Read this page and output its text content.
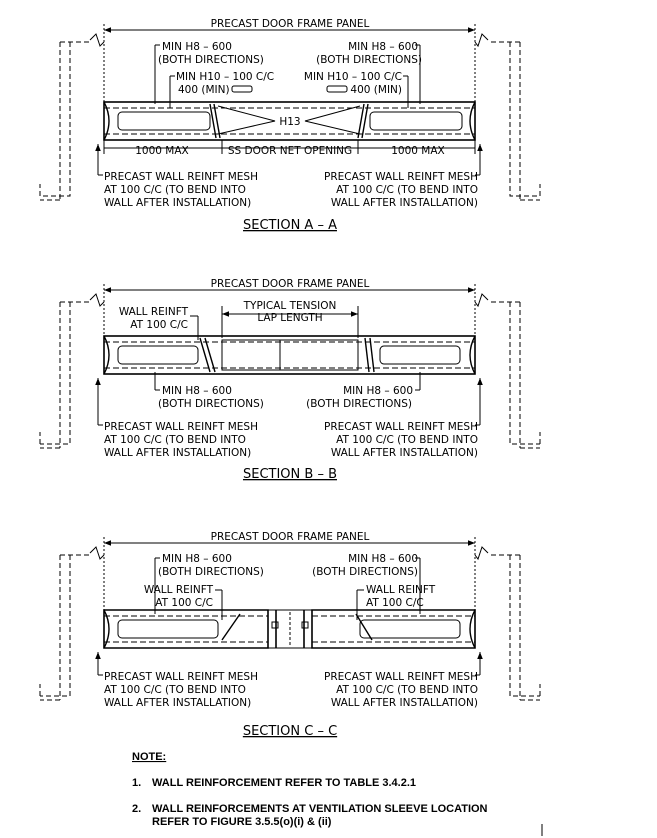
PRECAST DOOR FRAME PANEL
MIN H8 – 600
(BOTH DIRECTIONS)
MIN H8 – 600
(BOTH DIRECTIONS)
MIN H10 – 100 C/C
400 (MIN)
MIN H10 – 100 C/C
400 (MIN)
H13
1000 MAX	SS DOOR NET OPENING	1000 MAX
PRECAST WALL REINFT MESH
AT 100 C/C (TO BEND INTO
WALL AFTER INSTALLATION)
PRECAST WALL REINFT MESH
AT 100 C/C (TO BEND INTO
WALL AFTER INSTALLATION)
SECTION A – A
PRECAST DOOR FRAME PANEL
WALL REINFT
AT 100 C/C
TYPICAL TENSION
LAP LENGTH
MIN H8 – 600
(BOTH DIRECTIONS)
MIN H8 – 600
(BOTH DIRECTIONS)
PRECAST WALL REINFT MESH
AT 100 C/C (TO BEND INTO
WALL AFTER INSTALLATION)
PRECAST WALL REINFT MESH
AT 100 C/C (TO BEND INTO
WALL AFTER INSTALLATION)
SECTION B – B
PRECAST DOOR FRAME PANEL
MIN H8 – 600
(BOTH DIRECTIONS)
MIN H8 – 600
(BOTH DIRECTIONS)
WALL REINFT
AT 100 C/C
WALL REINFT
AT 100 C/C
PRECAST WALL REINFT MESH
AT 100 C/C (TO BEND INTO
WALL AFTER INSTALLATION)
PRECAST WALL REINFT MESH
AT 100 C/C (TO BEND INTO
WALL AFTER INSTALLATION)
SECTION C – C
NOTE:
1. WALL REINFORCEMENT REFER TO TABLE 3.4.2.1
2. WALL REINFORCEMENTS AT VENTILATION SLEEVE LOCATION
REFER TO FIGURE 3.5.5(o)(i) & (ii)
